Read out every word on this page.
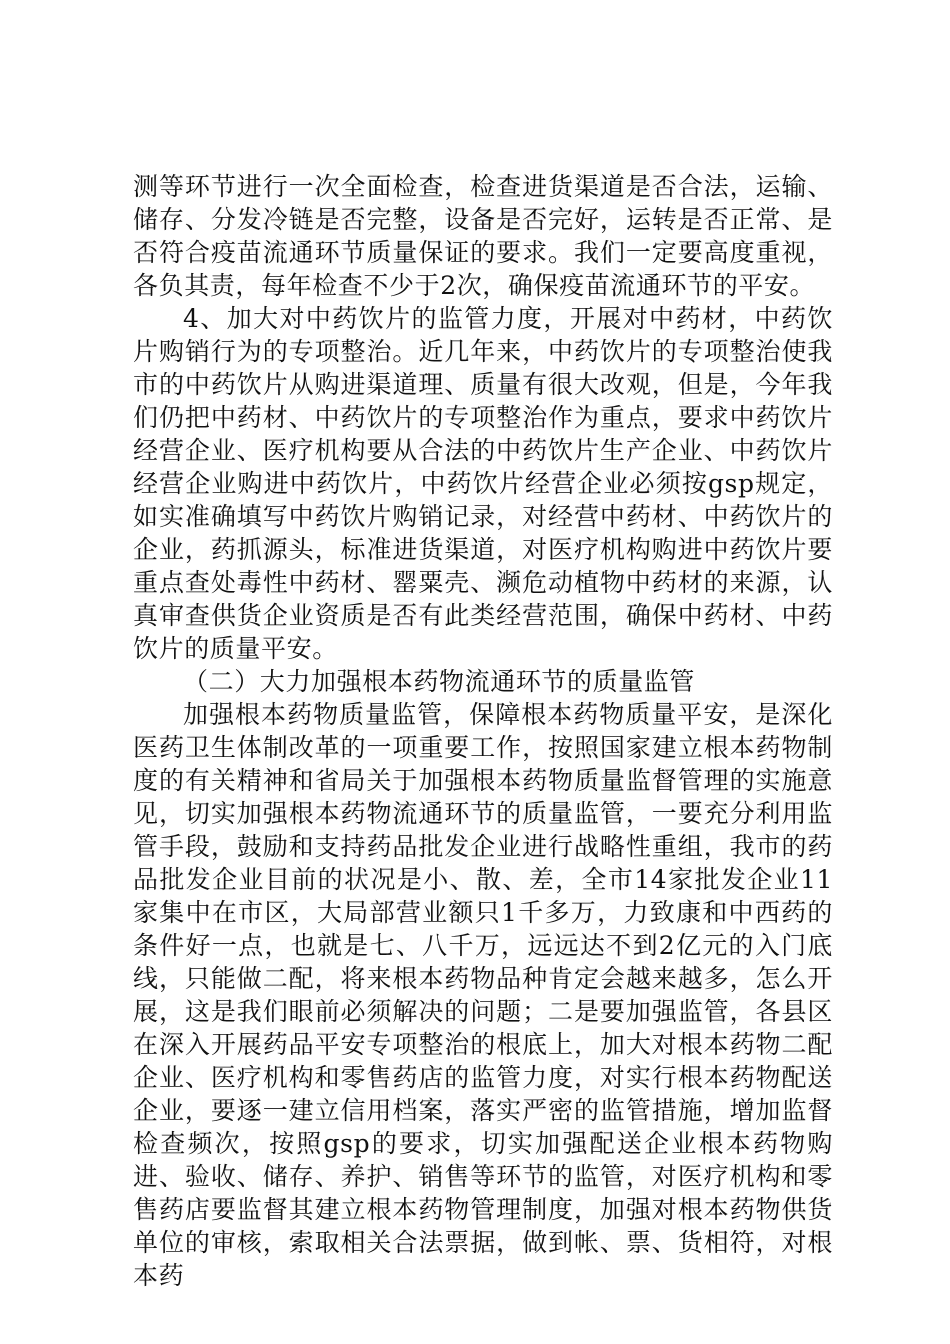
测等环节进行一次全面检查，检查进货渠道是否合法，运输、储存、分发冷链是否完整，设备是否完好，运转是否正常、是否符合疫苗流通环节质量保证的要求。我们一定要高度重视，各负其责，每年检查不少于2次，确保疫苗流通环节的平安。

4、加大对中药饮片的监管力度，开展对中药材，中药饮片购销行为的专项整治。近几年来，中药饮片的专项整治使我市的中药饮片从购进渠道理、质量有很大改观，但是，今年我们仍把中药材、中药饮片的专项整治作为重点，要求中药饮片经营企业、医疗机构要从合法的中药饮片生产企业、中药饮片经营企业购进中药饮片，中药饮片经营企业必须按gsp规定，如实准确填写中药饮片购销记录，对经营中药材、中药饮片的企业，药抓源头，标准进货渠道，对医疗机构购进中药饮片要重点查处毒性中药材、罂粟壳、濒危动植物中药材的来源，认真审查供货企业资质是否有此类经营范围，确保中药材、中药饮片的质量平安。

（二）大力加强根本药物流通环节的质量监管

加强根本药物质量监管，保障根本药物质量平安，是深化医药卫生体制改革的一项重要工作，按照国家建立根本药物制度的有关精神和省局关于加强根本药物质量监督管理的实施意见，切实加强根本药物流通环节的质量监管，一要充分利用监管手段，鼓励和支持药品批发企业进行战略性重组，我市的药品批发企业目前的状况是小、散、差，全市14家批发企业11家集中在市区，大局部营业额只1千多万，力致康和中西药的条件好一点，也就是七、八千万，远远达不到2亿元的入门底线，只能做二配，将来根本药物品种肯定会越来越多，怎么开展，这是我们眼前必须解决的问题；二是要加强监管，各县区在深入开展药品平安专项整治的根底上，加大对根本药物二配企业、医疗机构和零售药店的监管力度，对实行根本药物配送企业，要逐一建立信用档案，落实严密的监管措施，增加监督检查频次，按照gsp的要求，切实加强配送企业根本药物购进、验收、储存、养护、销售等环节的监管，对医疗机构和零售药店要监督其建立根本药物管理制度，加强对根本药物供货单位的审核，索取相关合法票据，做到帐、票、货相符，对根本药
